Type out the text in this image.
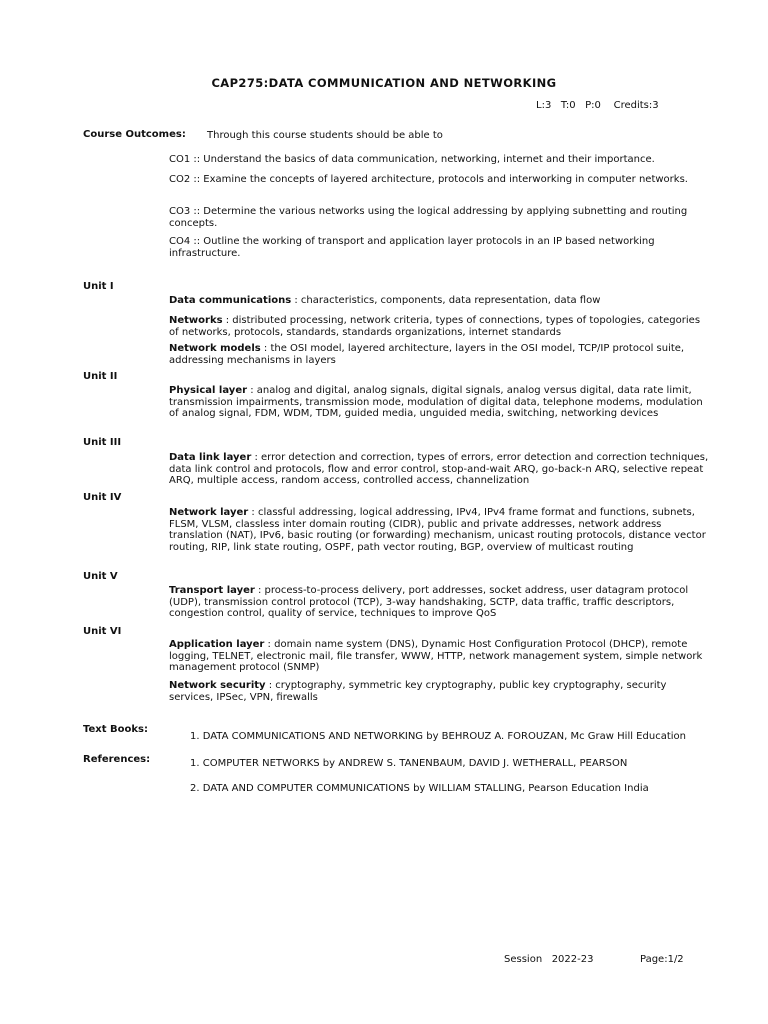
CAP275:DATA COMMUNICATION AND NETWORKING
L:3   T:0   P:0    Credits:3
Course Outcomes: Through this course students should be able to
CO1 :: Understand the basics of data communication, networking, internet and their importance.
CO2 :: Examine the concepts of layered architecture, protocols and interworking in computer networks.
CO3 :: Determine the various networks using the logical addressing by applying subnetting and routing concepts.
CO4 :: Outline the working of transport and application layer protocols in an IP based networking infrastructure.
Unit I
Data communications : characteristics, components, data representation, data flow
Networks : distributed processing, network criteria, types of connections, types of topologies, categories of networks, protocols, standards, standards organizations, internet standards
Network models : the OSI model, layered architecture, layers in the OSI model, TCP/IP protocol suite, addressing mechanisms in layers
Unit II
Physical layer : analog and digital, analog signals, digital signals, analog versus digital, data rate limit, transmission impairments, transmission mode, modulation of digital data, telephone modems, modulation of analog signal, FDM, WDM, TDM, guided media, unguided media, switching, networking devices
Unit III
Data link layer : error detection and correction, types of errors, error detection and correction techniques, data link control and protocols, flow and error control, stop-and-wait ARQ, go-back-n ARQ, selective repeat ARQ, multiple access, random access, controlled access, channelization
Unit IV
Network layer : classful addressing, logical addressing, IPv4, IPv4 frame format and functions, subnets, FLSM, VLSM, classless inter domain routing (CIDR), public and private addresses, network address translation (NAT), IPv6, basic routing (or forwarding) mechanism, unicast routing protocols, distance vector routing, RIP, link state routing, OSPF, path vector routing, BGP, overview of multicast routing
Unit V
Transport layer : process-to-process delivery, port addresses, socket address, user datagram protocol (UDP), transmission control protocol (TCP), 3-way handshaking, SCTP, data traffic, traffic descriptors, congestion control, quality of service, techniques to improve QoS
Unit VI
Application layer : domain name system (DNS), Dynamic Host Configuration Protocol (DHCP), remote logging, TELNET, electronic mail, file transfer, WWW, HTTP, network management system, simple network management protocol (SNMP)
Network security : cryptography, symmetric key cryptography, public key cryptography, security services, IPSec, VPN, firewalls
Text Books:
1. DATA COMMUNICATIONS AND NETWORKING by BEHROUZ A. FOROUZAN, Mc Graw Hill Education
References:	1. COMPUTER NETWORKS by ANDREW S. TANENBAUM, DAVID J. WETHERALL, PEARSON
2. DATA AND COMPUTER COMMUNICATIONS by WILLIAM STALLING, Pearson Education India
Session   2022-23	Page:1/2
